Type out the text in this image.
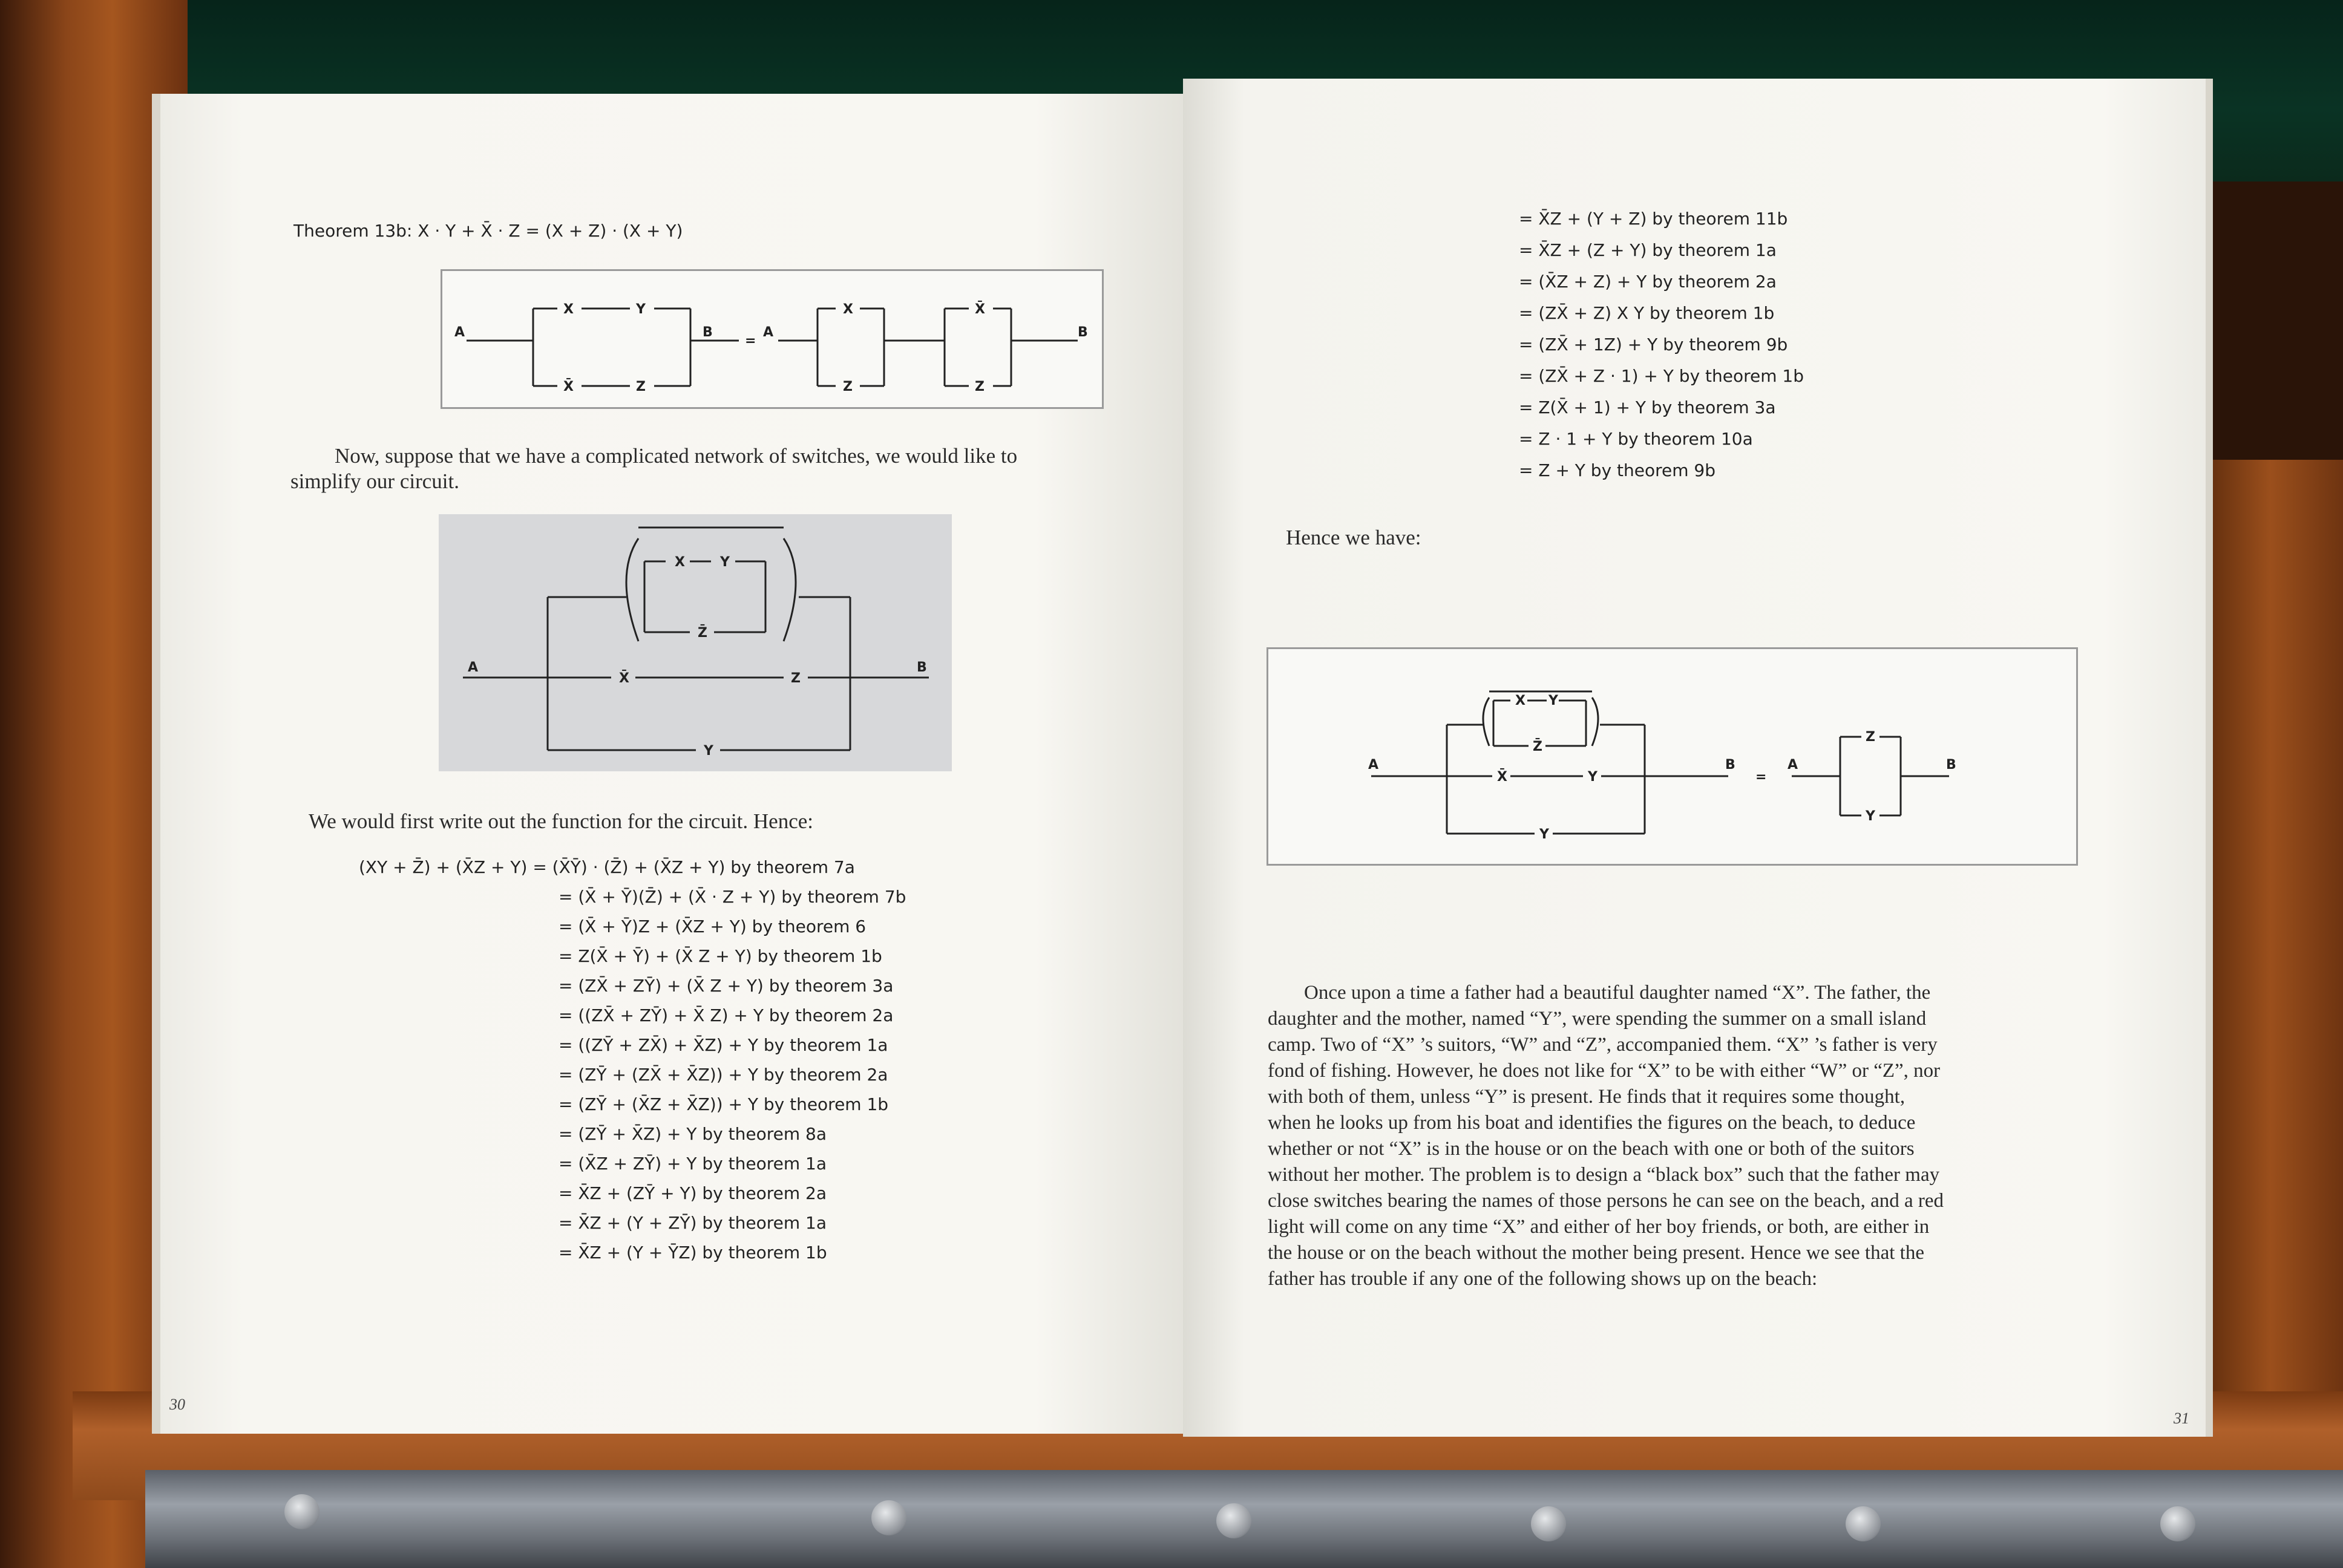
Theorem 13b: X · Y + X̄ · Z = (X + Z) · (X + Y)
A
X	Y
X̄	Z
B
=
A
X
Z
X̄
Z
B
Now, suppose that we have a complicated network of switches, we would like to
simplify our circuit.
X	Y
Z̄
A
X̄	Z
B
Y
We would first write out the function for the circuit. Hence:
(XY + Z̄) + (X̄Z + Y) = (X̄Ȳ) · (Z̄̄) + (X̄Z + Y) by theorem 7a
= (X̄ + Ȳ)(Z̄̄) + (X̄ · Z + Y) by theorem 7b
= (X̄ + Ȳ)Z + (X̄Z + Y) by theorem 6
= Z(X̄ + Ȳ) + (X̄ Z + Y) by theorem 1b
= (ZX̄ + ZȲ) + (X̄ Z + Y) by theorem 3a
= ((ZX̄ + ZȲ) + X̄ Z) + Y by theorem 2a
= ((ZȲ + ZX̄) + X̄Z) + Y by theorem 1a
= (ZȲ + (ZX̄ + X̄Z)) + Y by theorem 2a
= (ZȲ + (X̄Z + X̄Z)) + Y by theorem 1b
= (ZȲ + X̄Z) + Y by theorem 8a
= (X̄Z + ZȲ) + Y by theorem 1a
= X̄Z + (ZȲ + Y) by theorem 2a
= X̄Z + (Y + ZȲ) by theorem 1a
= X̄Z + (Y + ȲZ) by theorem 1b
30
= X̄Z + (Y + Z) by theorem 11b
= X̄Z + (Z + Y) by theorem 1a
= (X̄Z + Z) + Y by theorem 2a
= (ZX̄ + Z) X Y by theorem 1b
= (ZX̄ + 1Z) + Y by theorem 9b
= (ZX̄ + Z · 1) + Y by theorem 1b
= Z(X̄ + 1) + Y by theorem 3a
= Z · 1 + Y by theorem 10a
= Z + Y by theorem 9b
Hence we have:
X Y
Z̄
A
X̄	Y
Y
B
=
A
Z
Y
B
Once upon a time a father had a beautiful daughter named “X”. The father, the
daughter and the mother, named “Y”, were spending the summer on a small island
camp. Two of “X” ’s suitors, “W” and “Z”, accompanied them. “X” ’s father is very
fond of fishing. However, he does not like for “X” to be with either “W” or “Z”, nor
with both of them, unless “Y” is present. He finds that it requires some thought,
when he looks up from his boat and identifies the figures on the beach, to deduce
whether or not “X” is in the house or on the beach with one or both of the suitors
without her mother. The problem is to design a “black box” such that the father may
close switches bearing the names of those persons he can see on the beach, and a red
light will come on any time “X” and either of her boy friends, or both, are either in
the house or on the beach without the mother being present. Hence we see that the
father has trouble if any one of the following shows up on the beach:
31
